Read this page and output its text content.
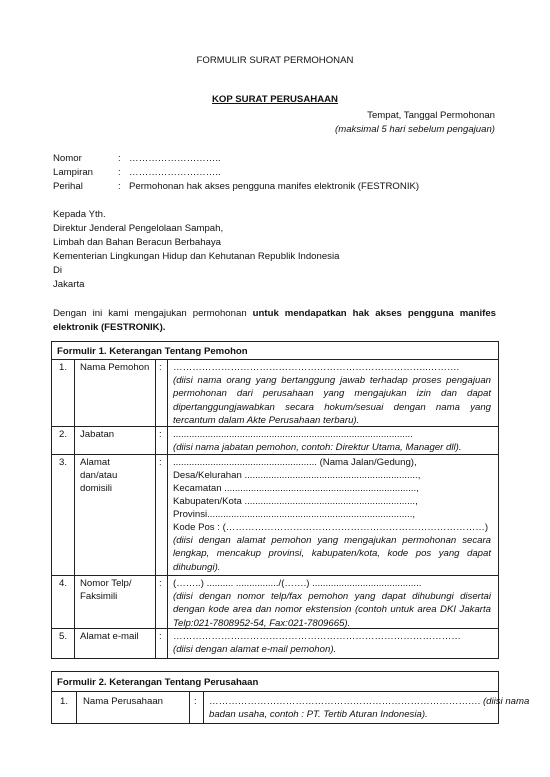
FORMULIR SURAT PERMOHONAN
KOP SURAT PERUSAHAAN
Tempat, Tanggal Permohonan
(maksimal 5 hari sebelum pengajuan)
Nomor	: ………………………..
Lampiran	: ………………………..
Perihal	: Permohonan hak akses pengguna manifes elektronik (FESTRONIK)
Kepada Yth.
Direktur Jenderal Pengelolaan Sampah,
Limbah dan Bahan Beracun Berbahaya
Kementerian Lingkungan Hidup dan Kehutanan Republik Indonesia
Di
Jakarta
Dengan ini kami mengajukan permohonan untuk mendapatkan hak akses pengguna manifes elektronik (FESTRONIK).
Formulir 1. Keterangan Tentang Pemohon
1. Nama Pemohon : ……………………………………………………………………..……….
(diisi nama orang yang bertanggung jawab terhadap proses pengajuan permohonan dari perusahaan yang mengajukan izin dan dapat dipertanggungjawabkan secara hokum/sesuai dengan nama yang tercantum dalam Akte Perusahaan terbaru).
2. Jabatan	: ..........................................................................................
(diisi nama jabatan pemohon, contoh: Direktur Utama, Manager dll).
3. Alamat
dan/atau
domisili
: ...................................................... (Nama Jalan/Gedung),
Desa/Kelurahan .................................................................,
Kecamatan ........................................................................,
Kabupaten/Kota ................................................................,
Provinsi.............................................................................,
Kode Pos : (………………………………………………………………………)
(diisi dengan alamat pemohon yang mengajukan permohonan secara lengkap, mencakup provinsi, kabupaten/kota, kode pos yang dapat dihubungi).
4. Nomor Telp/
Faksimili
: (……..) .......... ................/(…….) .........................................
(diisi dengan nomor telp/fax pemohon yang dapat dihubungi disertai dengan kode area dan nomor ekstension (contoh untuk area DKI Jakarta Telp:021-7808952-54, Fax:021-7809665).
5. Alamat e-mail : ………………………………………………………………………………
(diisi dengan alamat e-mail pemohon).
Formulir 2. Keterangan Tentang Perusahaan
1. Nama Perusahaan	: …………………………………………………………………………. (diisi nama
badan usaha, contoh : PT. Tertib Aturan Indonesia).
